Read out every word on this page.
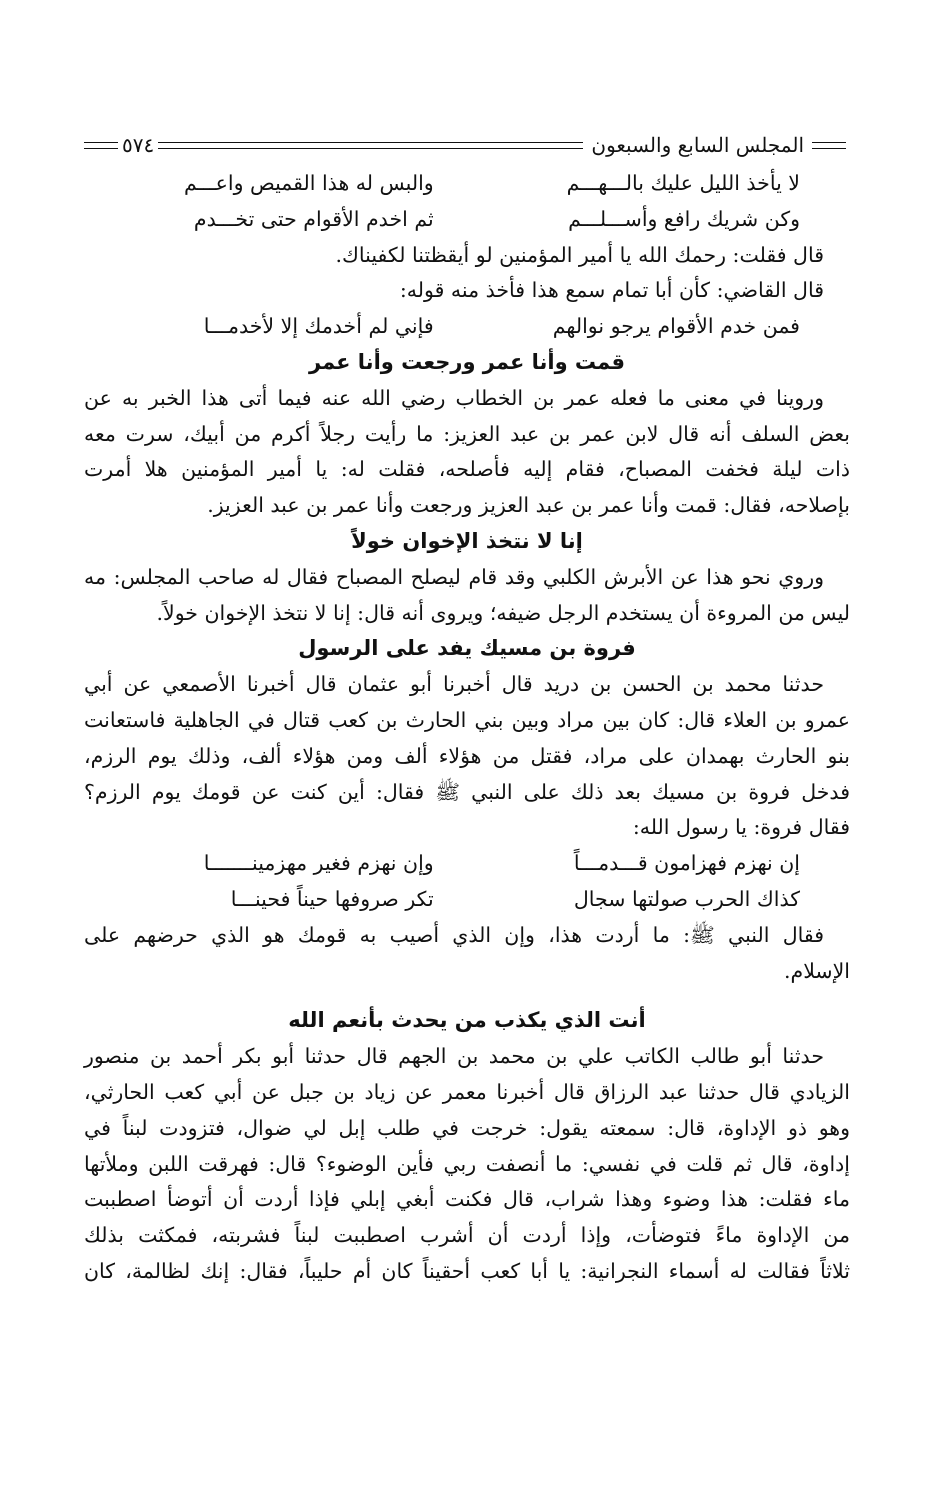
المجلس السابع والسبعون
٥٧٤
لا يأخذ الليل عليك بالـــهـــم
والبس له هذا القميص واعـــم
وكن شريك رافع وأســـلـــم
ثم اخدم الأقوام حتى تخـــدم

قال فقلت: رحمك الله يا أمير المؤمنين لو أيقظتنا لكفيناك.

قال القاضي: كأن أبا تمام سمع هذا فأخذ منه قوله:

فمن خدم الأقوام يرجو نوالهم
فإني لم أخدمك إلا لأخدمـــا
قمت وأنا عمر ورجعت وأنا عمر

وروينا في معنى ما فعله عمر بن الخطاب رضي الله عنه فيما أتى هذا الخبر به عن

بعض السلف أنه قال لابن عمر بن عبد العزيز: ما رأيت رجلاً أكرم من أبيك، سرت معه

ذات ليلة فخفت المصباح، فقام إليه فأصلحه، فقلت له: يا أمير المؤمنين هلا أمرت

بإصلاحه، فقال: قمت وأنا عمر بن عبد العزيز ورجعت وأنا عمر بن عبد العزيز.

إنا لا نتخذ الإخوان خولاً

وروي نحو هذا عن الأبرش الكلبي وقد قام ليصلح المصباح فقال له صاحب المجلس: مه

ليس من المروءة أن يستخدم الرجل ضيفه؛ ويروى أنه قال: إنا لا نتخذ الإخوان خولاً.

فروة بن مسيك يفد على الرسول

حدثنا محمد بن الحسن بن دريد قال أخبرنا أبو عثمان قال أخبرنا الأصمعي عن أبي

عمرو بن العلاء قال: كان بين مراد وبين بني الحارث بن كعب قتال في الجاهلية فاستعانت

بنو الحارث بهمدان على مراد، فقتل من هؤلاء ألف ومن هؤلاء ألف، وذلك يوم الرزم،

فدخل فروة بن مسيك بعد ذلك على النبي ﷺ فقال: أين كنت عن قومك يوم الرزم؟

فقال فروة: يا رسول الله:

إن نهزم فهزامون قـــدمـــاً
وإن نهزم فغير مهزمينـــــــا
كذاك الحرب صولتها سجال
تكر صروفها حيناً فحينـــا

فقال النبي ﷺ: ما أردت هذا، وإن الذي أصيب به قومك هو الذي حرضهم على

الإسلام.

أنت الذي يكذب من يحدث بأنعم الله

حدثنا أبو طالب الكاتب علي بن محمد بن الجهم قال حدثنا أبو بكر أحمد بن منصور

الزيادي قال حدثنا عبد الرزاق قال أخبرنا معمر عن زياد بن جبل عن أبي كعب الحارثي،

وهو ذو الإداوة، قال: سمعته يقول: خرجت في طلب إبل لي ضوال، فتزودت لبناً في

إداوة، قال ثم قلت في نفسي: ما أنصفت ربي فأين الوضوء؟ قال: فهرقت اللبن وملأتها

ماء فقلت: هذا وضوء وهذا شراب، قال فكنت أبغي إبلي فإذا أردت أن أتوضأ اصطببت

من الإداوة ماءً فتوضأت، وإذا أردت أن أشرب اصطببت لبناً فشربته، فمكثت بذلك

ثلاثاً فقالت له أسماء النجرانية: يا أبا كعب أحقيناً كان أم حليباً، فقال: إنك لظالمة، كان
